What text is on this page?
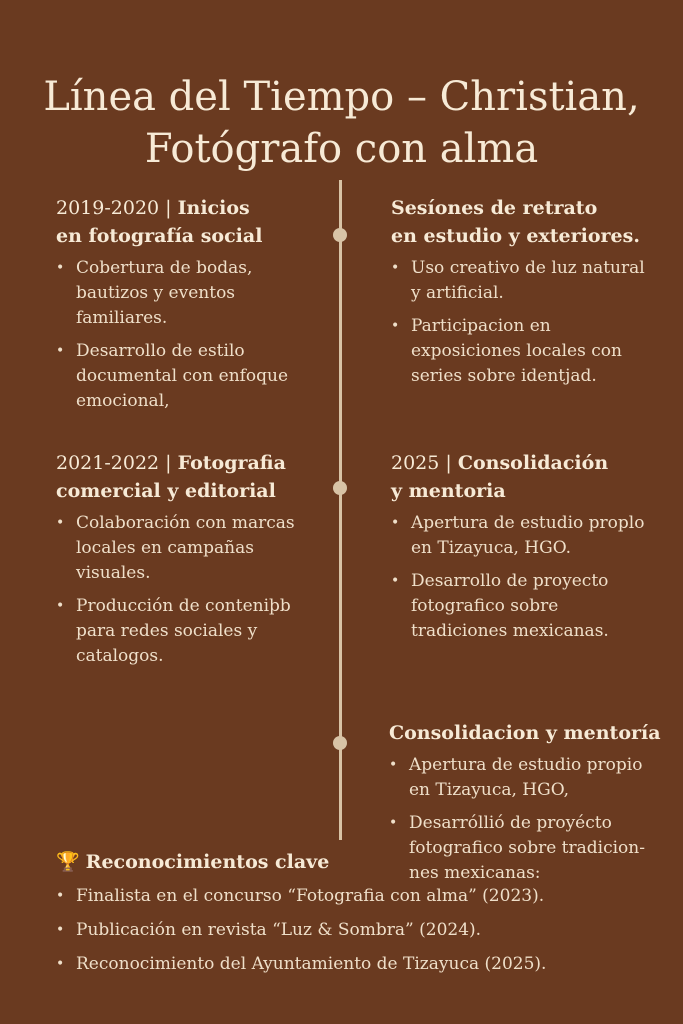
Línea del Tiempo – Christian,
Fotógrafo con alma
2019-2020 | Inicios
en fotografía social
• Cobertura de bodas, bautizos y eventos familiares.
• Desarrollo de estilo documental con enfoque emocional,
Sesíones de retrato
en estudio y exteriores.
• Uso creativo de luz natural y artificial.
• Participacion en exposiciones locales con series sobre identjad.
2021-2022 | Fotografia
comercial y editorial
• Colaboración con marcas locales en campañas visuales.
• Producción de conteniþb para redes sociales y catalogos.
2025 | Consolidación
y mentoria
• Apertura de estudio proplo en Tizayuca, HGO.
• Desarrollo de proyecto fotografico sobre tradiciones mexicanas.
Consolidacion y mentoría
• Apertura de estudio propio en Tizayuca, HGO,
• Desarróllió de proyécto fotografico sobre tradicion-nes mexicanas:
🏆 Reconocimientos clave
• Finalista en el concurso “Fotografia con alma” (2023).
• Publicación en revista “Luz & Sombra” (2024).
• Reconocimiento del Ayuntamiento de Tizayuca (2025).
